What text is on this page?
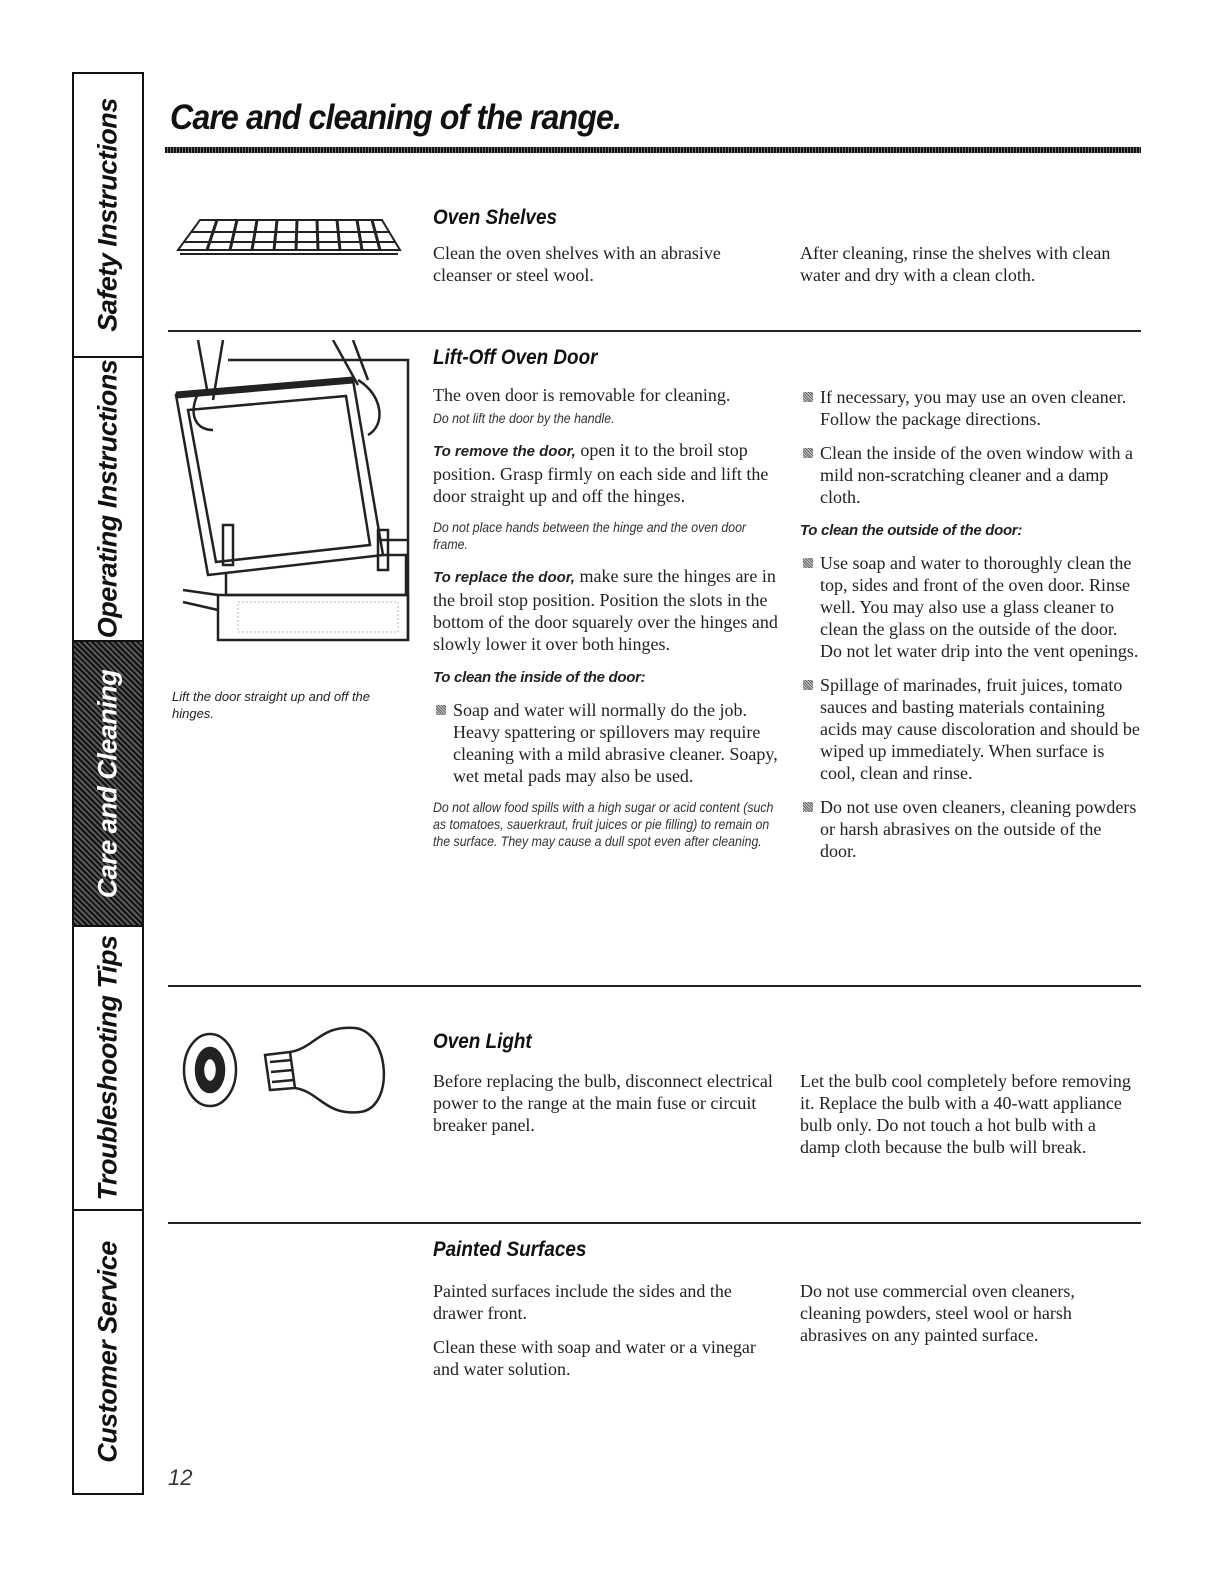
Safety Instructions
Operating Instructions
Care and Cleaning
Troubleshooting Tips
Customer Service
Care and cleaning of the range.
Oven Shelves

Clean the oven shelves with an abrasive cleanser or steel wool.

After cleaning, rinse the shelves with clean water and dry with a clean cloth.

Lift the door straight up and off the hinges.
Lift-Off Oven Door

The oven door is removable for cleaning.

Do not lift the door by the handle.

To remove the door, open it to the broil stop position. Grasp firmly on each side and lift the door straight up and off the hinges.

Do not place hands between the hinge and the oven door frame.

To replace the door, make sure the hinges are in the broil stop position. Position the slots in the bottom of the door squarely over the hinges and slowly lower it over both hinges.

To clean the inside of the door:
Soap and water will normally do the job. Heavy spattering or spillovers may require cleaning with a mild abrasive cleaner. Soapy, wet metal pads may also be used.
Do not allow food spills with a high sugar or acid content (such as tomatoes, sauerkraut, fruit juices or pie filling) to remain on the surface. They may cause a dull spot even after cleaning.
If necessary, you may use an oven cleaner. Follow the package directions.
Clean the inside of the oven window with a mild non-scratching cleaner and a damp cloth.
To clean the outside of the door:
Use soap and water to thoroughly clean the top, sides and front of the oven door. Rinse well. You may also use a glass cleaner to clean the glass on the outside of the door. Do not let water drip into the vent openings.
Spillage of marinades, fruit juices, tomato sauces and basting materials containing acids may cause discoloration and should be wiped up immediately. When surface is cool, clean and rinse.
Do not use oven cleaners, cleaning powders or harsh abrasives on the outside of the door.
Oven Light

Before replacing the bulb, disconnect electrical power to the range at the main fuse or circuit breaker panel.

Let the bulb cool completely before removing it. Replace the bulb with a 40-watt appliance bulb only. Do not touch a hot bulb with a damp cloth because the bulb will break.

Painted Surfaces

Painted surfaces include the sides and the drawer front.

Clean these with soap and water or a vinegar and water solution.

Do not use commercial oven cleaners, cleaning powders, steel wool or harsh abrasives on any painted surface.

12
